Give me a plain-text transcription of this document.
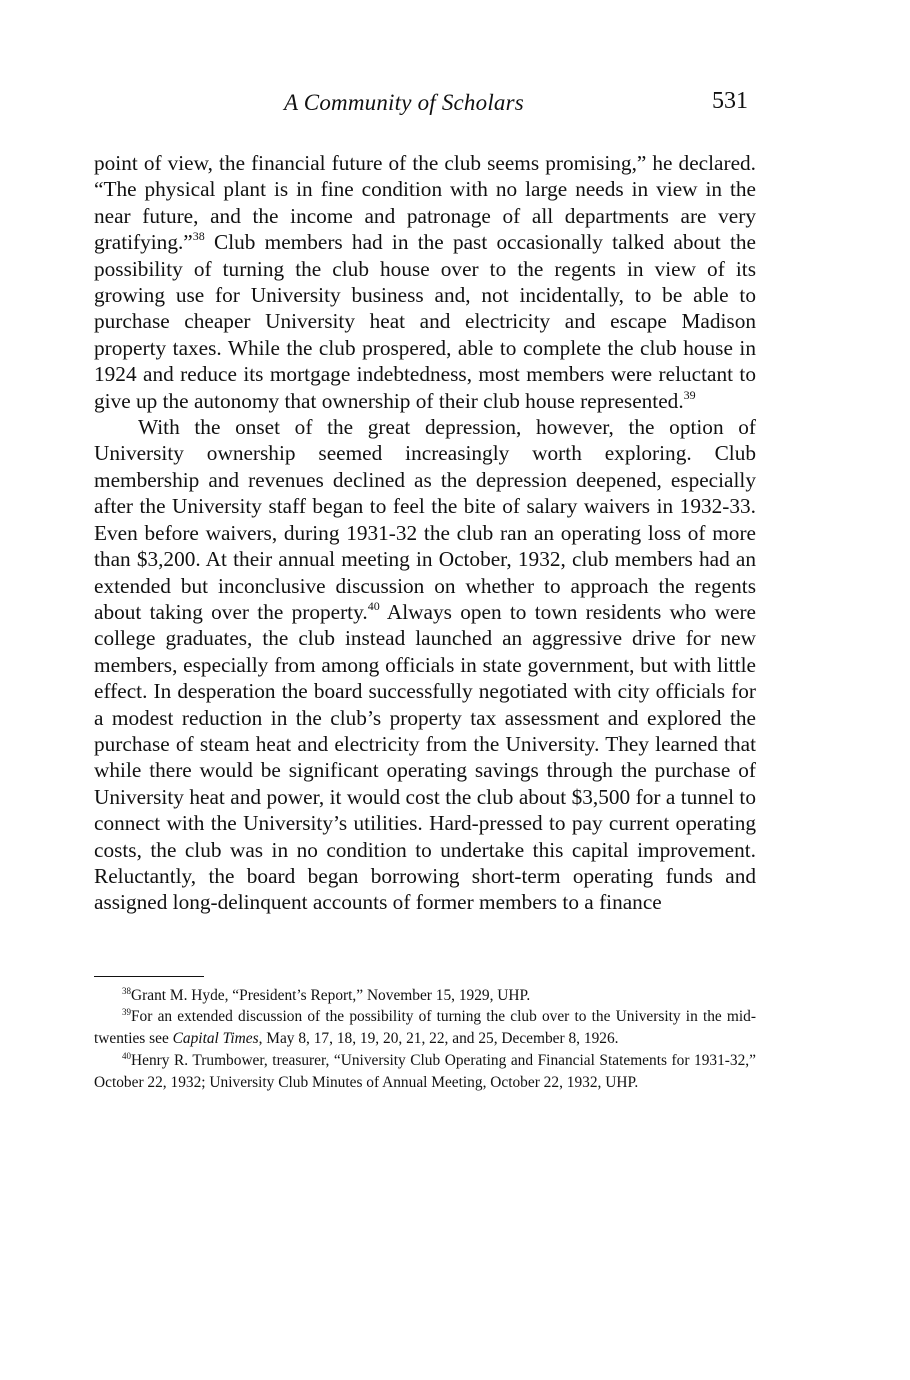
A Community of Scholars	531

point of view, the financial future of the club seems promising,” he declared. “The physical plant is in fine condition with no large needs in view in the near future, and the income and patronage of all departments are very gratifying.”$^{38}$ Club members had in the past occasionally talked about the possibility of turning the club house over to the regents in view of its growing use for University business and, not incidentally, to be able to purchase cheaper University heat and electricity and escape Madison property taxes. While the club prospered, able to complete the club house in 1924 and reduce its mortgage indebtedness, most members were reluctant to give up the autonomy that ownership of their club house represented.$^{39}$

With the onset of the great depression, however, the option of University ownership seemed increasingly worth exploring. Club membership and revenues declined as the depression deepened, especially after the University staff began to feel the bite of salary waivers in 1932-33. Even before waivers, during 1931-32 the club ran an operating loss of more than $3,200. At their annual meeting in October, 1932, club members had an extended but inconclusive discussion on whether to approach the regents about taking over the property.$^{40}$ Always open to town residents who were college graduates, the club instead launched an aggressive drive for new members, especially from among officials in state government, but with little effect. In desperation the board successfully negotiated with city officials for a modest reduction in the club’s property tax assessment and explored the purchase of steam heat and electricity from the University. They learned that while there would be significant operating savings through the purchase of University heat and power, it would cost the club about $3,500 for a tunnel to connect with the University’s utilities. Hard-pressed to pay current operating costs, the club was in no condition to undertake this capital improvement. Reluctantly, the board began borrowing short-term operating funds and assigned long-delinquent accounts of former members to a finance

$^{38}$Grant M. Hyde, “President’s Report,” November 15, 1929, UHP.

$^{39}$For an extended discussion of the possibility of turning the club over to the University in the mid-twenties see Capital Times, May 8, 17, 18, 19, 20, 21, 22, and 25, December 8, 1926.

$^{40}$Henry R. Trumbower, treasurer, “University Club Operating and Financial Statements for 1931-32,” October 22, 1932; University Club Minutes of Annual Meeting, October 22, 1932, UHP.
